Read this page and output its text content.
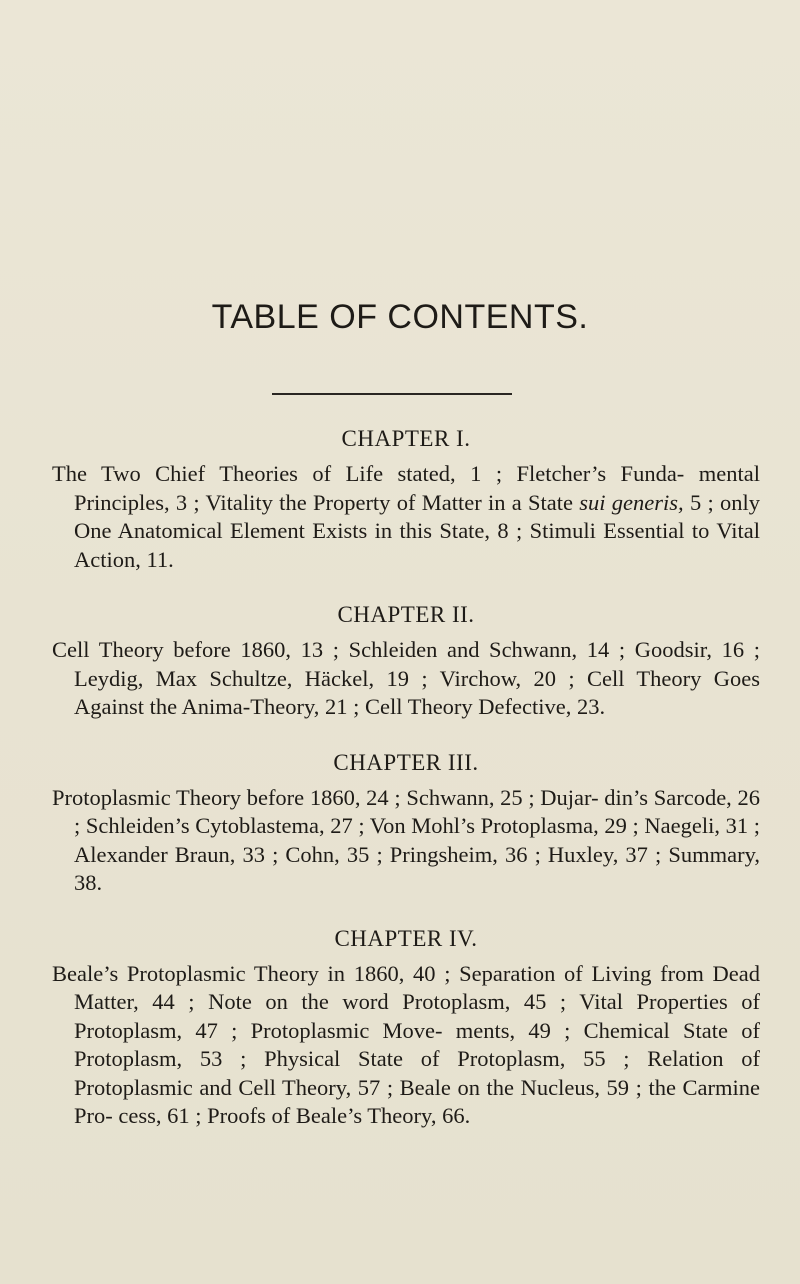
TABLE OF CONTENTS.
CHAPTER I.

The Two Chief Theories of Life stated, 1 ; Fletcher’s Funda- mental Principles, 3 ; Vitality the Property of Matter in a State sui generis, 5 ; only One Anatomical Element Exists in this State, 8 ; Stimuli Essential to Vital Action, 11.

CHAPTER II.

Cell Theory before 1860, 13 ; Schleiden and Schwann, 14 ; Goodsir, 16 ; Leydig, Max Schultze, Häckel, 19 ; Virchow, 20 ; Cell Theory Goes Against the Anima-Theory, 21 ; Cell Theory Defective, 23.

CHAPTER III.

Protoplasmic Theory before 1860, 24 ; Schwann, 25 ; Dujar- din’s Sarcode, 26 ; Schleiden’s Cytoblastema, 27 ; Von Mohl’s Protoplasma, 29 ; Naegeli, 31 ; Alexander Braun, 33 ; Cohn, 35 ; Pringsheim, 36 ; Huxley, 37 ; Summary, 38.

CHAPTER IV.

Beale’s Protoplasmic Theory in 1860, 40 ; Separation of Living from Dead Matter, 44 ; Note on the word Protoplasm, 45 ; Vital Properties of Protoplasm, 47 ; Protoplasmic Move- ments, 49 ; Chemical State of Protoplasm, 53 ; Physical State of Protoplasm, 55 ; Relation of Protoplasmic and Cell Theory, 57 ; Beale on the Nucleus, 59 ; the Carmine Pro- cess, 61 ; Proofs of Beale’s Theory, 66.
